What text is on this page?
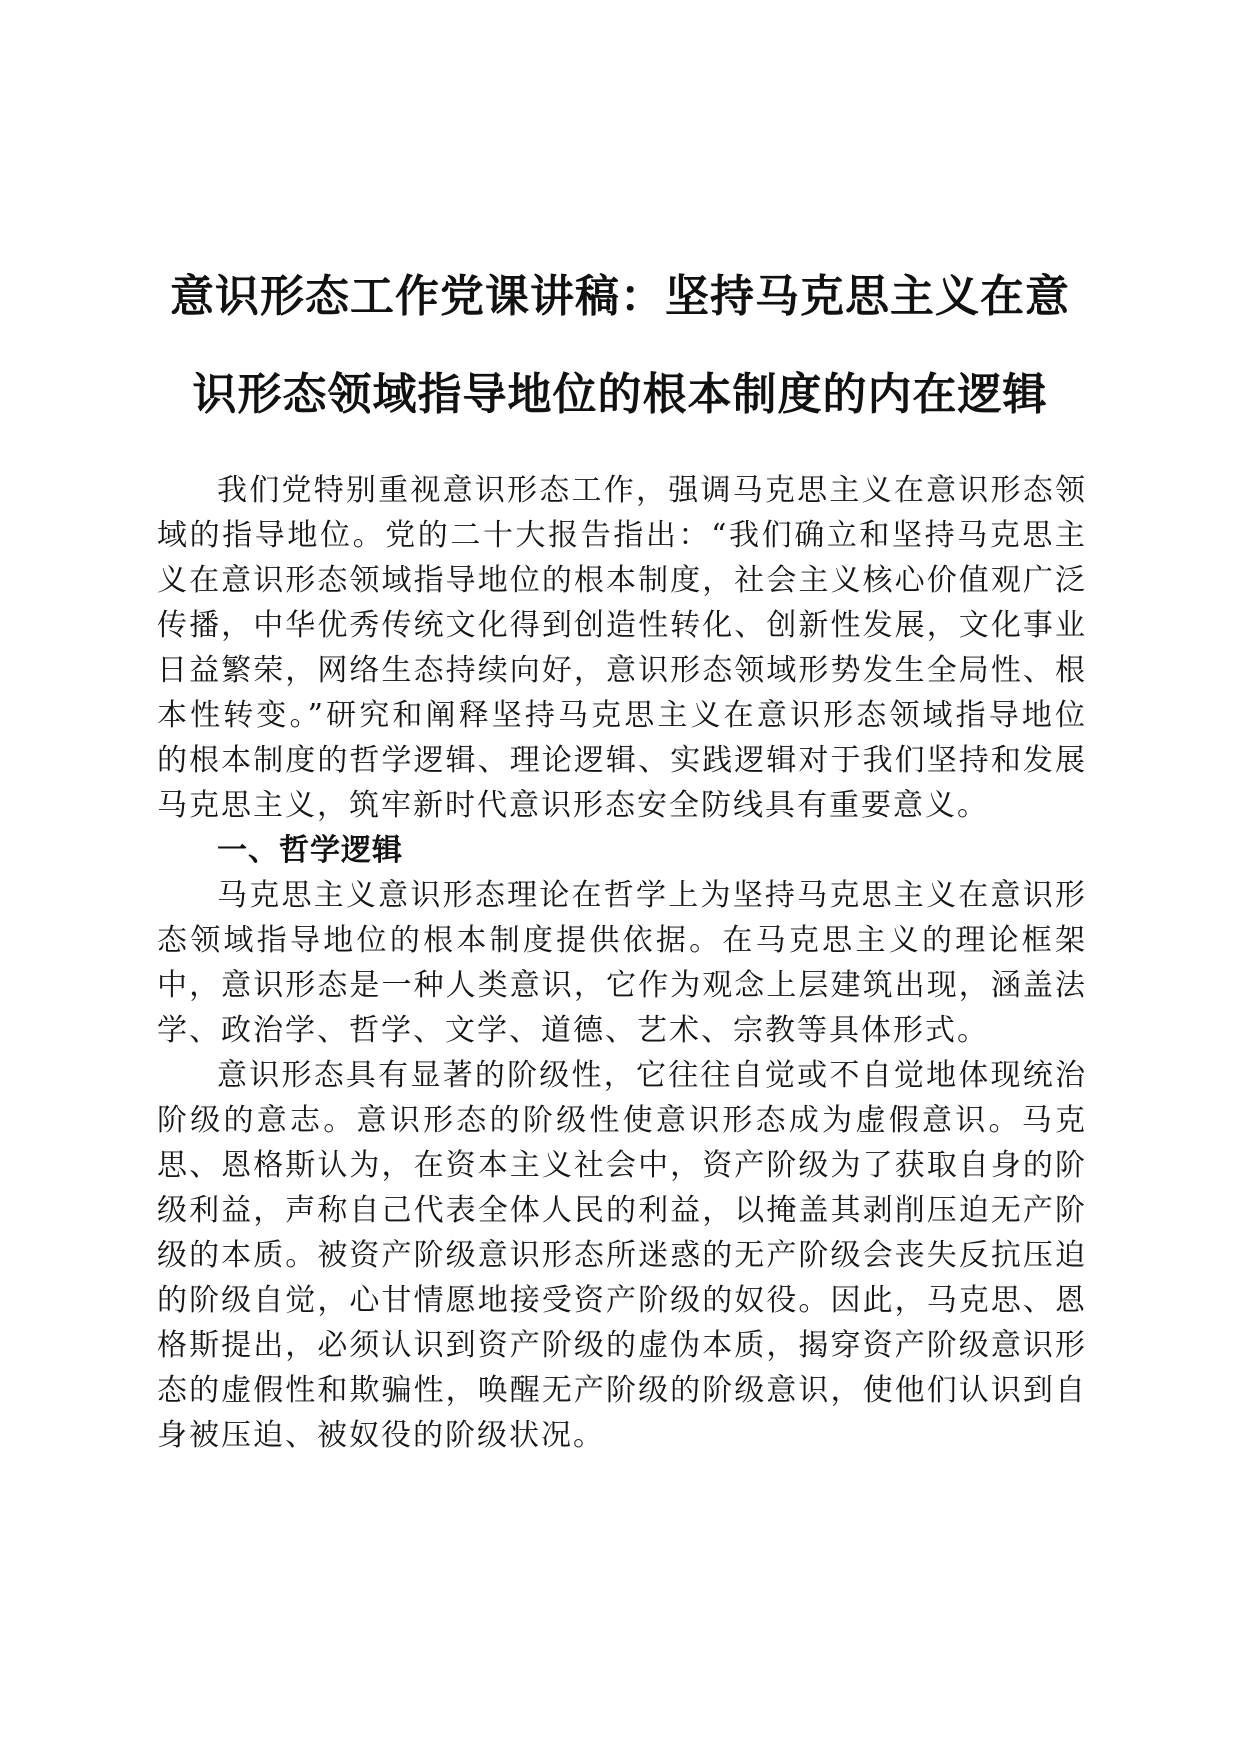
意识形态工作党课讲稿：坚持马克思主义在意识形态领域指导地位的根本制度的内在逻辑

我们党特别重视意识形态工作，强调马克思主义在意识形态领域的指导地位。党的二十大报告指出：“我们确立和坚持马克思主义在意识形态领域指导地位的根本制度，社会主义核心价值观广泛传播，中华优秀传统文化得到创造性转化、创新性发展，文化事业日益繁荣，网络生态持续向好，意识形态领域形势发生全局性、根本性转变。”研究和阐释坚持马克思主义在意识形态领域指导地位的根本制度的哲学逻辑、理论逻辑、实践逻辑对于我们坚持和发展马克思主义，筑牢新时代意识形态安全防线具有重要意义。

一、哲学逻辑

马克思主义意识形态理论在哲学上为坚持马克思主义在意识形态领域指导地位的根本制度提供依据。在马克思主义的理论框架中，意识形态是一种人类意识，它作为观念上层建筑出现，涵盖法学、政治学、哲学、文学、道德、艺术、宗教等具体形式。

意识形态具有显著的阶级性，它往往自觉或不自觉地体现统治阶级的意志。意识形态的阶级性使意识形态成为虚假意识。马克思、恩格斯认为，在资本主义社会中，资产阶级为了获取自身的阶级利益，声称自己代表全体人民的利益，以掩盖其剥削压迫无产阶级的本质。被资产阶级意识形态所迷惑的无产阶级会丧失反抗压迫的阶级自觉，心甘情愿地接受资产阶级的奴役。因此，马克思、恩格斯提出，必须认识到资产阶级的虚伪本质，揭穿资产阶级意识形态的虚假性和欺骗性，唤醒无产阶级的阶级意识，使他们认识到自身被压迫、被奴役的阶级状况。
